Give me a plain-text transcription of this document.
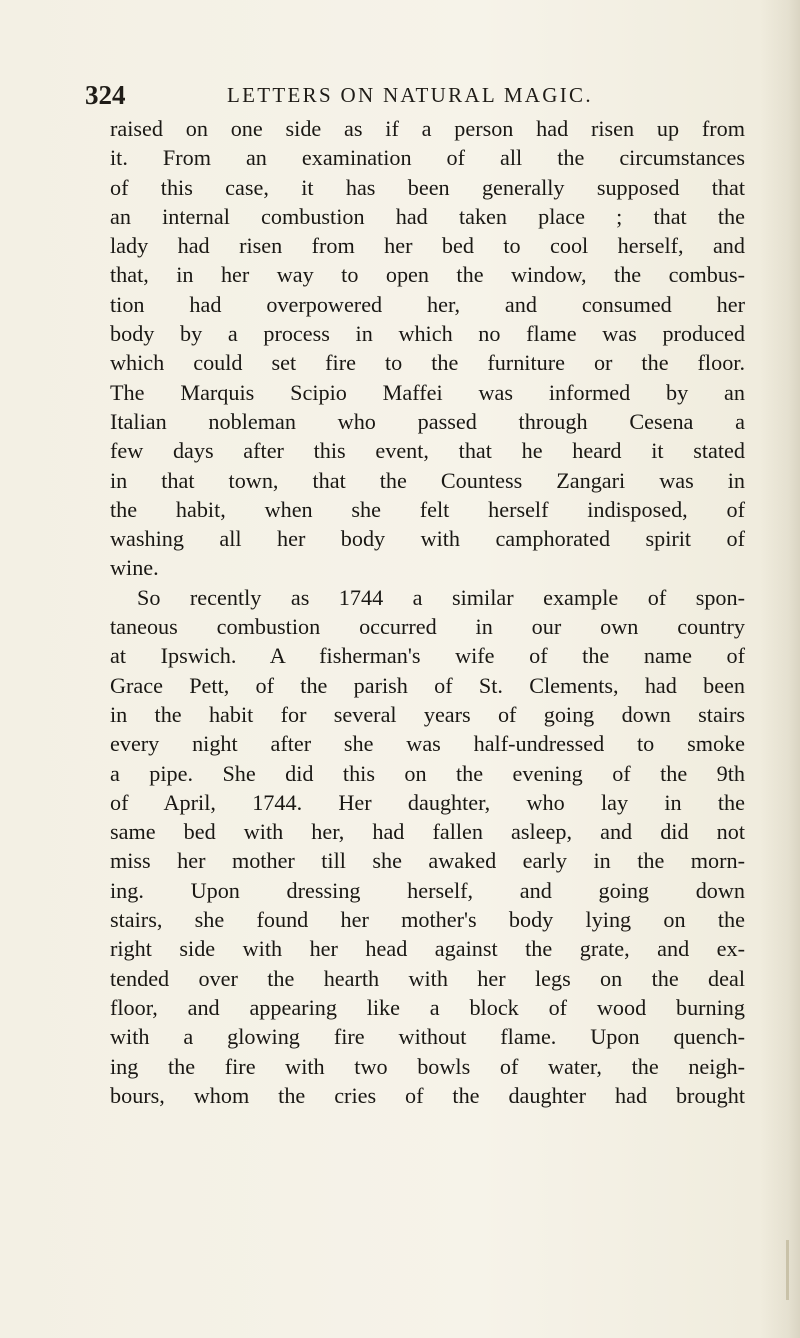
324	LETTERS ON NATURAL MAGIC.
raised on one side as if a person had risen up from
it. From an examination of all the circumstances
of this case, it has been generally supposed that
an internal combustion had taken place ; that the
lady had risen from her bed to cool herself, and
that, in her way to open the window, the combus-
tion had overpowered her, and consumed her
body by a process in which no flame was produced
which could set fire to the furniture or the floor.
The Marquis Scipio Maffei was informed by an
Italian nobleman who passed through Cesena a
few days after this event, that he heard it stated
in that town, that the Countess Zangari was in
the habit, when she felt herself indisposed, of
washing all her body with camphorated spirit of
wine.
So recently as 1744 a similar example of spon-
taneous combustion occurred in our own country
at Ipswich. A fisherman's wife of the name of
Grace Pett, of the parish of St. Clements, had been
in the habit for several years of going down stairs
every night after she was half-undressed to smoke
a pipe. She did this on the evening of the 9th
of April, 1744. Her daughter, who lay in the
same bed with her, had fallen asleep, and did not
miss her mother till she awaked early in the morn-
ing. Upon dressing herself, and going down
stairs, she found her mother's body lying on the
right side with her head against the grate, and ex-
tended over the hearth with her legs on the deal
floor, and appearing like a block of wood burning
with a glowing fire without flame. Upon quench-
ing the fire with two bowls of water, the neigh-
bours, whom the cries of the daughter had brought
